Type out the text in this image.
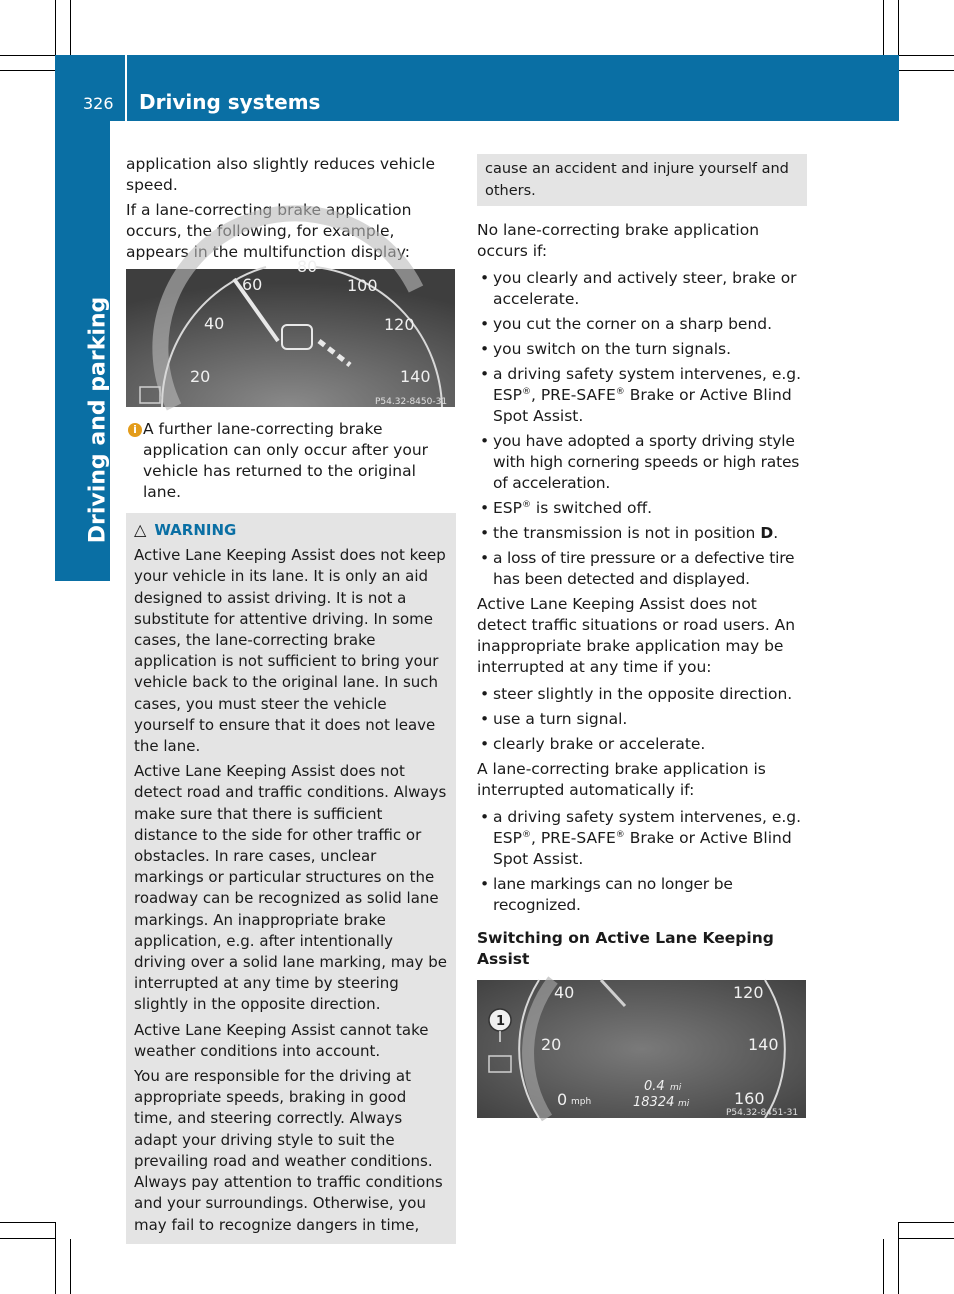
326 Driving systems
Driving and parking

application also slightly reduces vehicle speed.

If a lane-correcting brake application occurs, the following, for example, appears in the multifunction display:

20
40
60
80
100
120
140
P54.32-8450-31
i A further lane-correcting brake application can only occur after your vehicle has returned to the original lane.
△ WARNING

Active Lane Keeping Assist does not keep your vehicle in its lane. It is only an aid designed to assist driving. It is not a substitute for attentive driving. In some cases, the lane-correcting brake application is not sufficient to bring your vehicle back to the original lane. In such cases, you must steer the vehicle yourself to ensure that it does not leave the lane.

Active Lane Keeping Assist does not detect road and traffic conditions. Always make sure that there is sufficient distance to the side for other traffic or obstacles. In rare cases, unclear markings or particular structures on the roadway can be recognized as solid lane markings. An inappropriate brake application, e.g. after intentionally driving over a solid lane marking, may be interrupted at any time by steering slightly in the opposite direction.

Active Lane Keeping Assist cannot take weather conditions into account.

You are responsible for the driving at appropriate speeds, braking in good time, and steering correctly. Always adapt your driving style to suit the prevailing road and weather conditions. Always pay attention to traffic conditions and your surroundings. Otherwise, you may fail to recognize dangers in time,

cause an accident and injure yourself and others.

No lane-correcting brake application occurs if:

• you clearly and actively steer, brake or accelerate.
• you cut the corner on a sharp bend.
• you switch on the turn signals.
• a driving safety system intervenes, e.g. ESP®, PRE-SAFE® Brake or Active Blind Spot Assist.
• you have adopted a sporty driving style with high cornering speeds or high rates of acceleration.
• ESP® is switched off.
• the transmission is not in position D.
• a loss of tire pressure or a defective tire has been detected and displayed.

Active Lane Keeping Assist does not detect traffic situations or road users. An inappropriate brake application may be interrupted at any time if you:

• steer slightly in the opposite direction.
• use a turn signal.
• clearly brake or accelerate.

A lane-correcting brake application is interrupted automatically if:

• a driving safety system intervenes, e.g. ESP®, PRE-SAFE® Brake or Active Blind Spot Assist.
• lane markings can no longer be recognized.
Switching on Active Lane Keeping Assist
1
0 mph
20
40	120
140
160
0.4 mi
18324 mi
P54.32-8451-31
